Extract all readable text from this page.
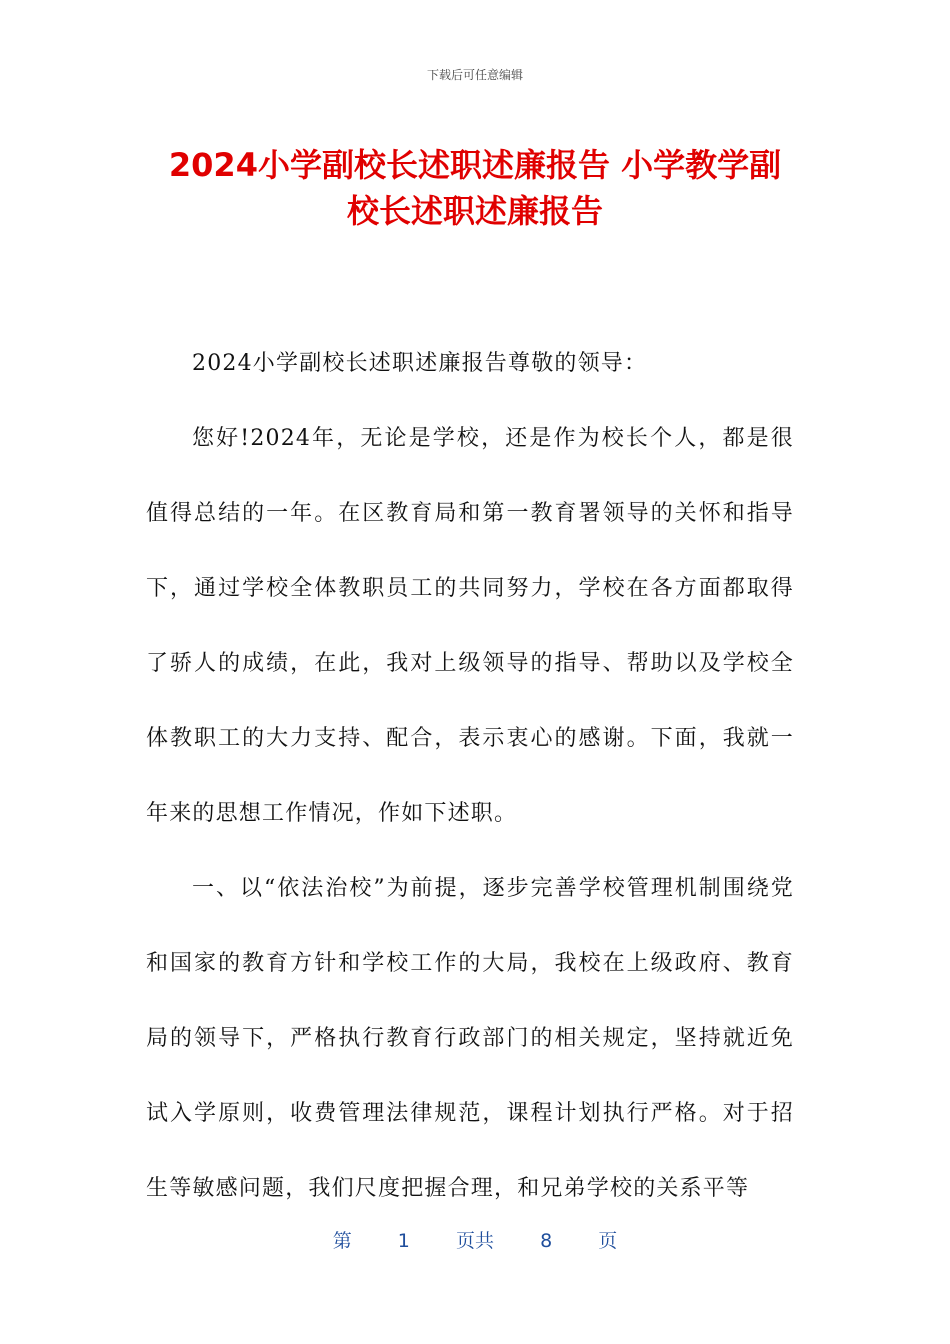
下载后可任意编辑
2024小学副校长述职述廉报告 小学教学副
校长述职述廉报告

2024小学副校长述职述廉报告尊敬的领导：

您好!2024年，无论是学校，还是作为校长个人，都是很值得总结的一年。在区教育局和第一教育署领导的关怀和指导下，通过学校全体教职员工的共同努力，学校在各方面都取得了骄人的成绩，在此，我对上级领导的指导、帮助以及学校全体教职工的大力支持、配合，表示衷心的感谢。下面，我就一年来的思想工作情况，作如下述职。

一、以“依法治校”为前提，逐步完善学校管理机制围绕党和国家的教育方针和学校工作的大局，我校在上级政府、教育局的领导下，严格执行教育行政部门的相关规定，坚持就近免试入学原则，收费管理法律规范，课程计划执行严格。对于招生等敏感问题，我们尺度把握合理，和兄弟学校的关系平等

第 1 页共 8 页
